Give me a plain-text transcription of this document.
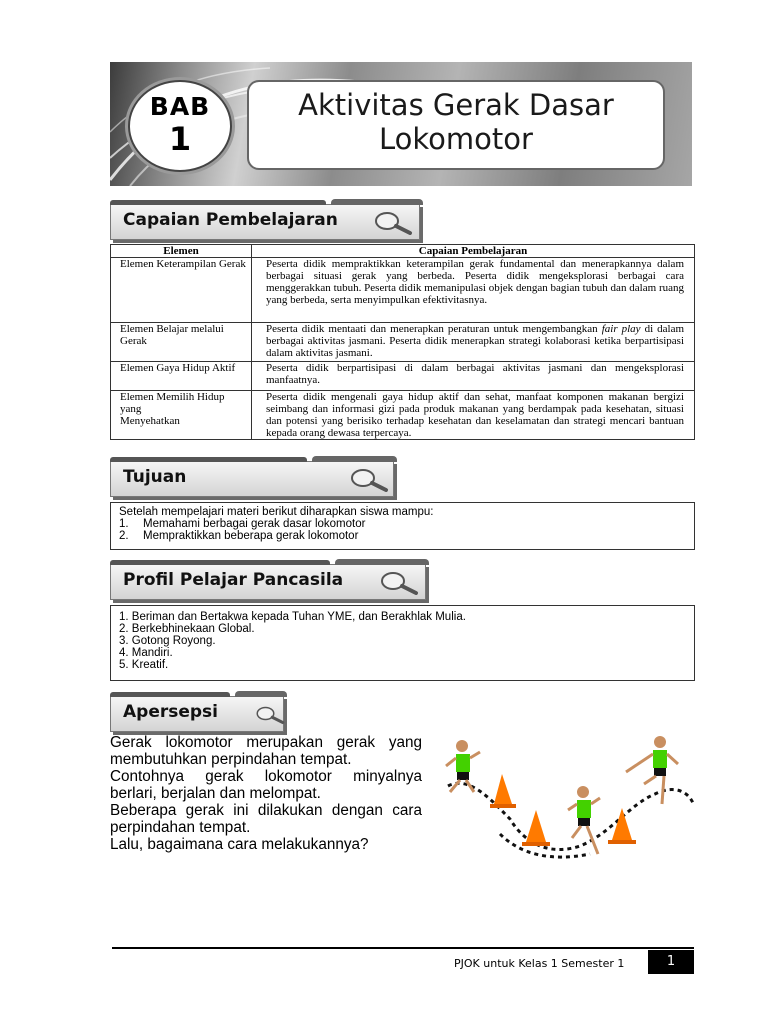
BAB
1
Aktivitas Gerak Dasar
Lokomotor
Capaian Pembelajaran
Elemen	Capaian Pembelajaran
Elemen Keterampilan Gerak	Peserta didik mempraktikkan keterampilan gerak fundamental dan menerapkannya dalam berbagai situasi gerak yang berbeda. Peserta didik mengeksplorasi berbagai cara menggerakkan tubuh. Peserta didik memanipulasi objek dengan bagian tubuh dan dalam ruang yang berbeda, serta menyimpulkan efektivitasnya.
Elemen Belajar melalui Gerak	Peserta didik mentaati dan menerapkan peraturan untuk mengembangkan fair play di dalam berbagai aktivitas jasmani. Peserta didik menerapkan strategi kolaborasi ketika berpartisipasi dalam aktivitas jasmani.
Elemen Gaya Hidup Aktif	Peserta didik berpartisipasi di dalam berbagai aktivitas jasmani dan mengeksplorasi manfaatnya.

Elemen Memilih Hidup yang
Menyehatkan	Peserta didik mengenali gaya hidup aktif dan sehat, manfaat komponen makanan bergizi seimbang dan informasi gizi pada produk makanan yang berdampak pada kesehatan, situasi dan potensi yang berisiko terhadap kesehatan dan keselamatan dan strategi mencari bantuan kepada orang dewasa terpercaya.
Tujuan
Setelah mempelajari materi berikut diharapkan siswa mampu:
1. Memahami berbagai gerak dasar lokomotor
2. Mempraktikkan beberapa gerak lokomotor
Profil Pelajar Pancasila
1. Beriman dan Bertakwa kepada Tuhan YME, dan Berakhlak Mulia.
2. Berkebhinekaan Global.
3. Gotong Royong.
4. Mandiri.
5. Kreatif.
Apersepsi

Gerak lokomotor merupakan gerak yang membutuhkan perpindahan tempat.

Contohnya gerak lokomotor minyalnya berlari, berjalan dan melompat.

Beberapa gerak ini dilakukan dengan cara perpindahan tempat.

Lalu, bagaimana cara melakukannya?

PJOK untuk Kelas 1 Semester 1	1
